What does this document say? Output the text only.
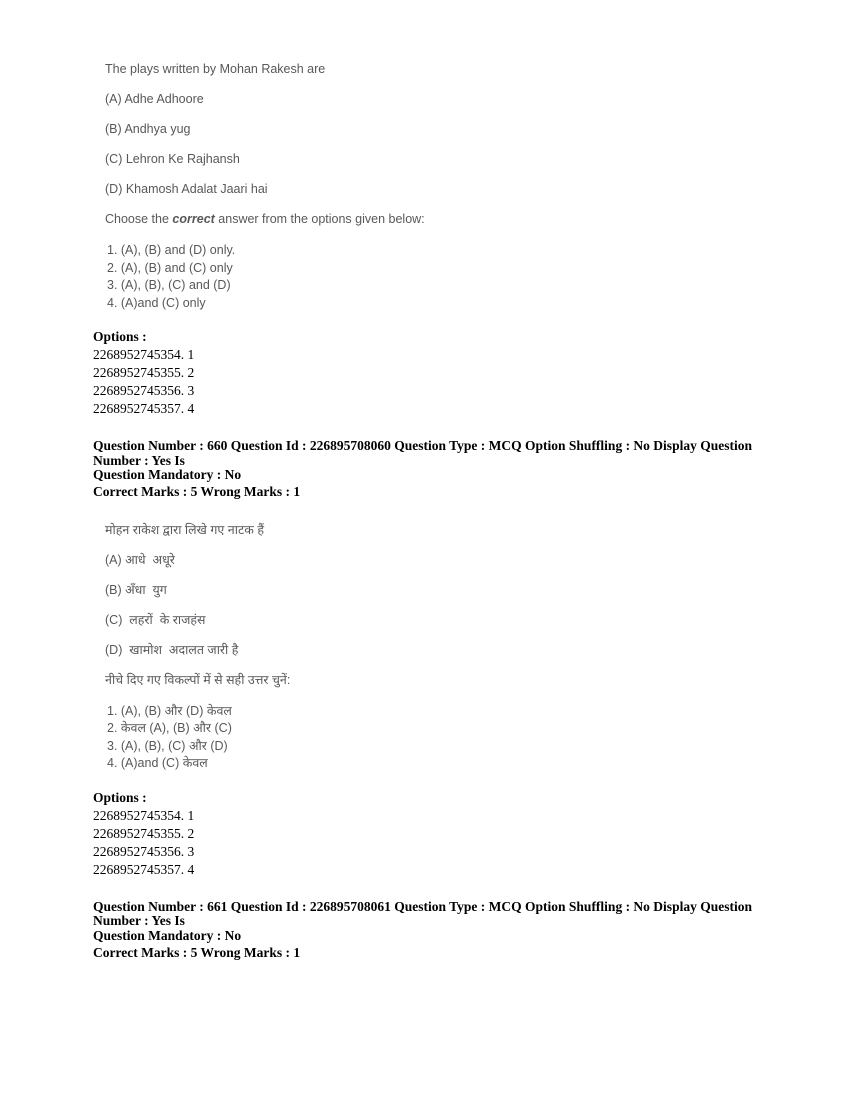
The plays written by Mohan Rakesh are

(A) Adhe Adhoore

(B) Andhya yug

(C) Lehron Ke Rajhansh

(D) Khamosh Adalat Jaari hai

Choose the correct answer from the options given below:

1. (A), (B) and (D) only.
2. (A), (B) and (C) only
3. (A), (B), (C) and (D)
4. (A)and (C) only
Options :
2268952745354. 1
2268952745355. 2
2268952745356. 3
2268952745357. 4
Question Number : 660 Question Id : 226895708060 Question Type : MCQ Option Shuffling : No Display Question Number : Yes Is
Question Mandatory : No
Correct Marks : 5 Wrong Marks : 1

मोहन राकेश द्वारा लिखे गए नाटक हैं

(A) आधे  अधूरे

(B) अँधा  युग

(C)  लहरों  के राजहंस

(D)  खामोश  अदालत जारी है

नीचे दिए गए विकल्पों में से सही उत्तर चुनें:

1. (A), (B) और (D) केवल
2. केवल (A), (B) और (C)
3. (A), (B), (C) और (D)
4. (A)and (C) केवल
Options :
2268952745354. 1
2268952745355. 2
2268952745356. 3
2268952745357. 4
Question Number : 661 Question Id : 226895708061 Question Type : MCQ Option Shuffling : No Display Question Number : Yes Is
Question Mandatory : No
Correct Marks : 5 Wrong Marks : 1
